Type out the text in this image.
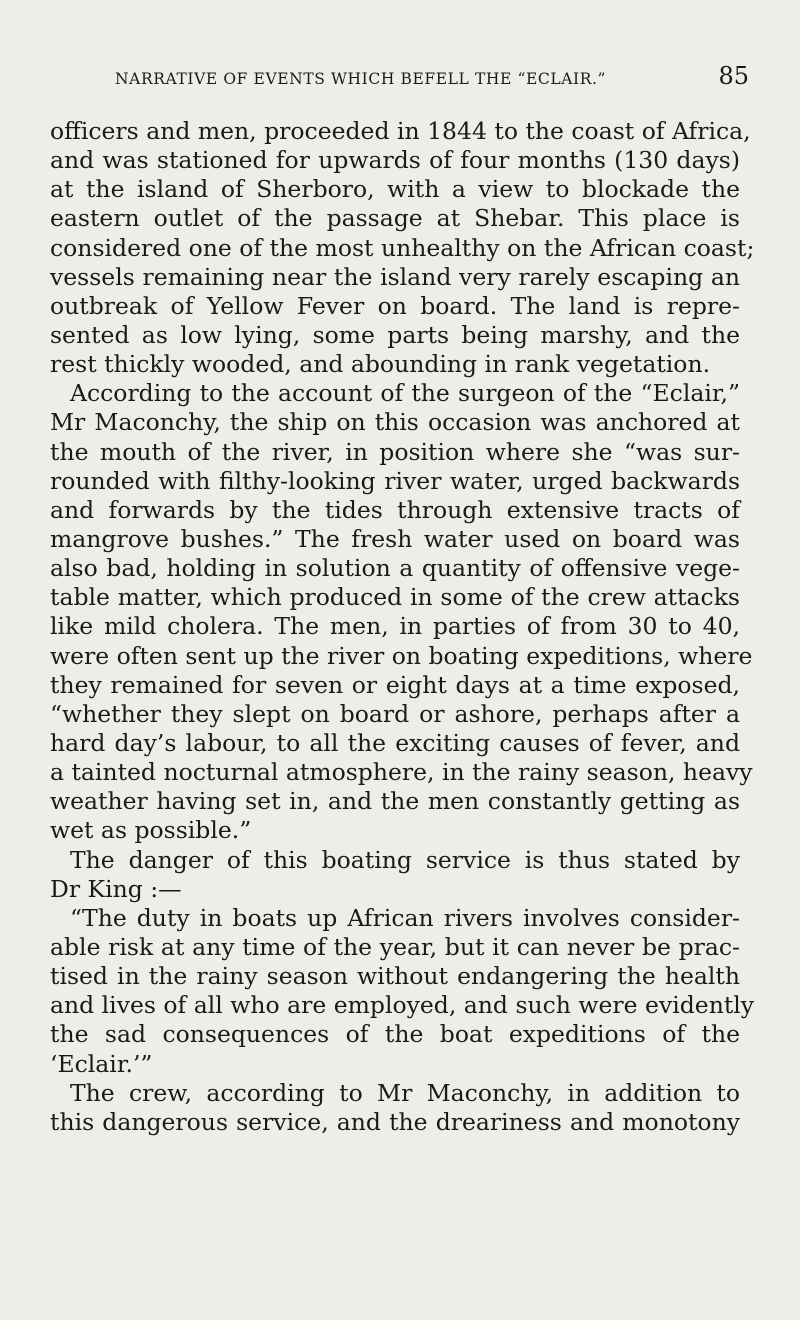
NARRATIVE OF EVENTS WHICH BEFELL THE “ECLAIR.”	85
officers and men, proceeded in 1844 to the coast of Africa,
and was stationed for upwards of four months (130 days)
at the island of Sherboro, with a view to blockade the
eastern outlet of the passage at Shebar. This place is
considered one of the most unhealthy on the African coast;
vessels remaining near the island very rarely escaping an
outbreak of Yellow Fever on board. The land is repre-
sented as low lying, some parts being marshy, and the
rest thickly wooded, and abounding in rank vegetation.
According to the account of the surgeon of the “Eclair,”
Mr Maconchy, the ship on this occasion was anchored at
the mouth of the river, in position where she “was sur-
rounded with filthy-looking river water, urged backwards
and forwards by the tides through extensive tracts of
mangrove bushes.” The fresh water used on board was
also bad, holding in solution a quantity of offensive vege-
table matter, which produced in some of the crew attacks
like mild cholera. The men, in parties of from 30 to 40,
were often sent up the river on boating expeditions, where
they remained for seven or eight days at a time exposed,
“whether they slept on board or ashore, perhaps after a
hard day’s labour, to all the exciting causes of fever, and
a tainted nocturnal atmosphere, in the rainy season, heavy
weather having set in, and the men constantly getting as
wet as possible.”
The danger of this boating service is thus stated by
Dr King :—
“The duty in boats up African rivers involves consider-
able risk at any time of the year, but it can never be prac-
tised in the rainy season without endangering the health
and lives of all who are employed, and such were evidently
the sad consequences of the boat expeditions of the
‘Eclair.’”
The crew, according to Mr Maconchy, in addition to
this dangerous service, and the dreariness and monotony
